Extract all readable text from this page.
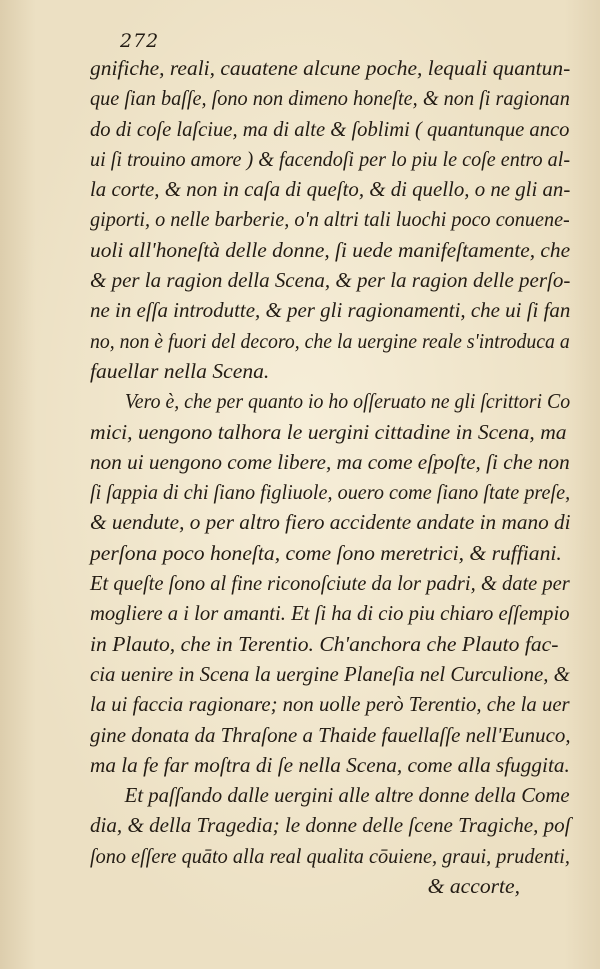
272
gnifiche, reali, cauatene alcune poche, lequali quantun-
que ſian baſſe, ſono non dimeno honeſte, & non ſi ragionan
do di coſe laſciue, ma di alte & ſoblimi ( quantunque anco
ui ſi trouino amore ) & facendoſi per lo piu le coſe entro al-
la corte, & non in caſa di queſto, & di quello, o ne gli an-
giporti, o nelle barberie, o'n altri tali luochi poco conuene-
uoli all'honeſtà delle donne, ſi uede manifeſtamente, che
& per la ragion della Scena, & per la ragion delle perſo-
ne in eſſa introdutte, & per gli ragionamenti, che ui ſi fan
no, non è fuori del decoro, che la uergine reale s'introduca a
fauellar nella Scena.
Vero è, che per quanto io ho oſſeruato ne gli ſcrittori Co
mici, uengono talhora le uergini cittadine in Scena, ma
non ui uengono come libere, ma come eſpoſte, ſi che non
ſi ſappia di chi ſiano figliuole, ouero come ſiano ſtate preſe,
& uendute, o per altro fiero accidente andate in mano di
perſona poco honeſta, come ſono meretrici, & ruffiani.
Et queſte ſono al fine riconoſciute da lor padri, & date per
mogliere a i lor amanti. Et ſi ha di cio piu chiaro eſſempio
in Plauto, che in Terentio. Ch'anchora che Plauto fac-
cia uenire in Scena la uergine Planeſia nel Curculione, &
la ui faccia ragionare; non uolle però Terentio, che la uer
gine donata da Thraſone a Thaide fauellaſſe nell'Eunuco,
ma la fe far moſtra di ſe nella Scena, come alla sfuggita.
Et paſſando dalle uergini alle altre donne della Come
dia, & della Tragedia; le donne delle ſcene Tragiche, poſ
ſono eſſere quāto alla real qualita cōuiene, graui, prudenti,
& accorte,
